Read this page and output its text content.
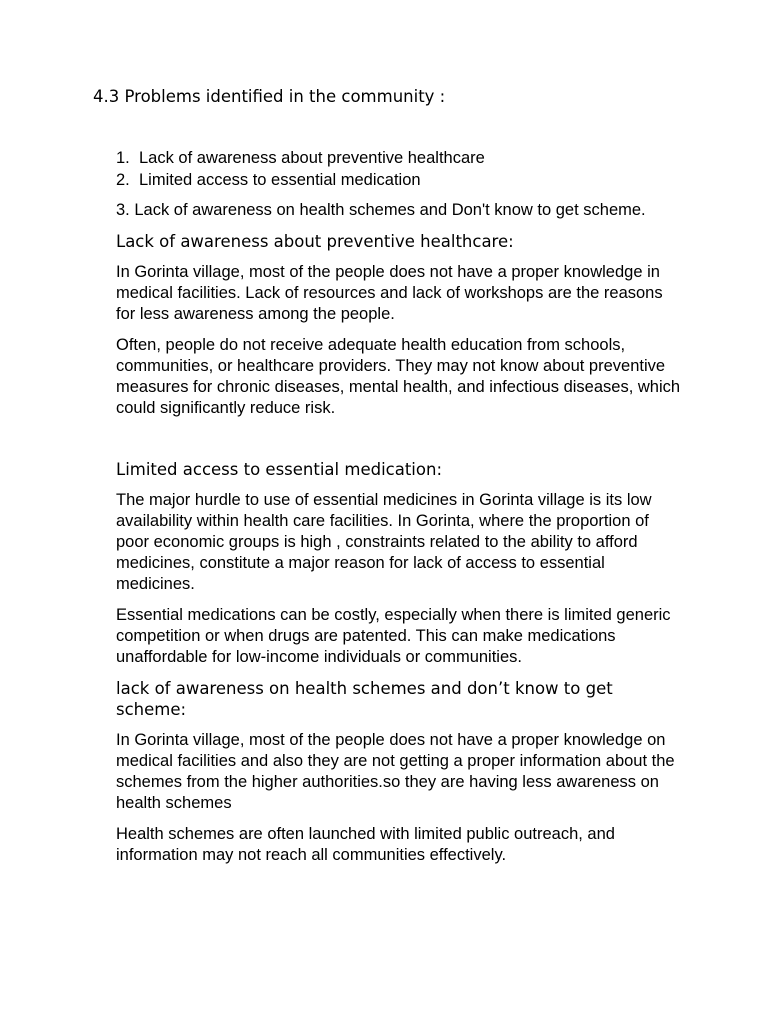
4.3 Problems identified in the community :
1. Lack of awareness about preventive healthcare
2. Limited access to essential medication

3. Lack of awareness on health schemes and Don't know to get scheme.

Lack of awareness about preventive healthcare:

In Gorinta village, most of the people does not have a proper knowledge in medical facilities. Lack of resources and lack of workshops are the reasons for less awareness among the people.

Often, people do not receive adequate health education from schools, communities, or healthcare providers. They may not know about preventive measures for chronic diseases, mental health, and infectious diseases, which could significantly reduce risk.

Limited access to essential medication:

The major hurdle to use of essential medicines in Gorinta village is its low availability within health care facilities. In Gorinta, where the proportion of poor economic groups is high , constraints related to the ability to afford medicines, constitute a major reason for lack of access to essential medicines.

Essential medications can be costly, especially when there is limited generic competition or when drugs are patented. This can make medications unaffordable for low-income individuals or communities.

lack of awareness on health schemes and don’t know to get scheme:

In Gorinta village, most of the people does not have a proper knowledge on medical facilities and also they are not getting a proper information about the schemes from the higher authorities.so they are having less awareness on health schemes

Health schemes are often launched with limited public outreach, and information may not reach all communities effectively.
